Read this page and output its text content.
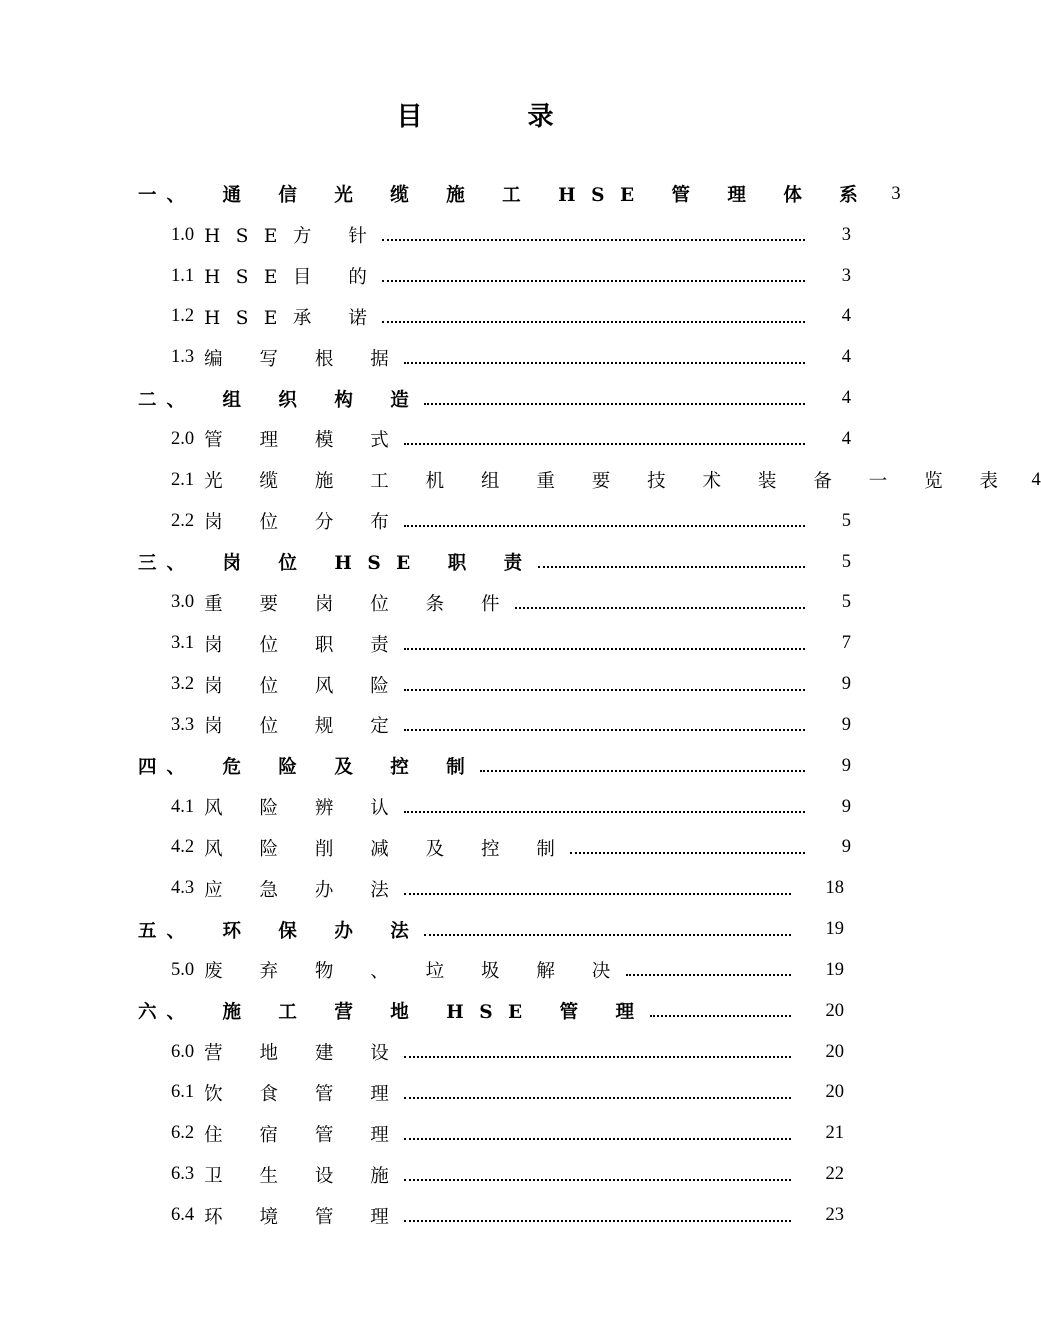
目 录
一 、 通 信 光 缆 施 工 HSE 管 理 体 系 3
1.0 HSE方 针	3
1.1 HSE目 的	3
1.2 HSE承 诺	4
1.3 编 写 根 据	4
二 、 组 织 构 造	4
2.0 管 理 模 式	4
2.1 光 缆 施 工 机 组 重 要 技 术 装 备 一 览 表 4
2.2 岗 位 分 布	5
三 、 岗 位 HSE 职 责	5
3.0 重 要 岗 位 条 件	5
3.1 岗 位 职 责	7
3.2 岗 位 风 险	9
3.3 岗 位 规 定	9
四 、 危 险 及 控 制	9
4.1 风 险 辨 认	9
4.2 风 险 削 减 及 控 制	9
4.3 应 急 办 法	18
五 、 环 保 办 法	19
5.0 废 弃 物 、 垃 圾 解 决	19
六 、 施 工 营 地 HSE 管 理	20
6.0 营 地 建 设	20
6.1 饮 食 管 理	20
6.2 住 宿 管 理	21
6.3 卫 生 设 施	22
6.4 环 境 管 理	23
